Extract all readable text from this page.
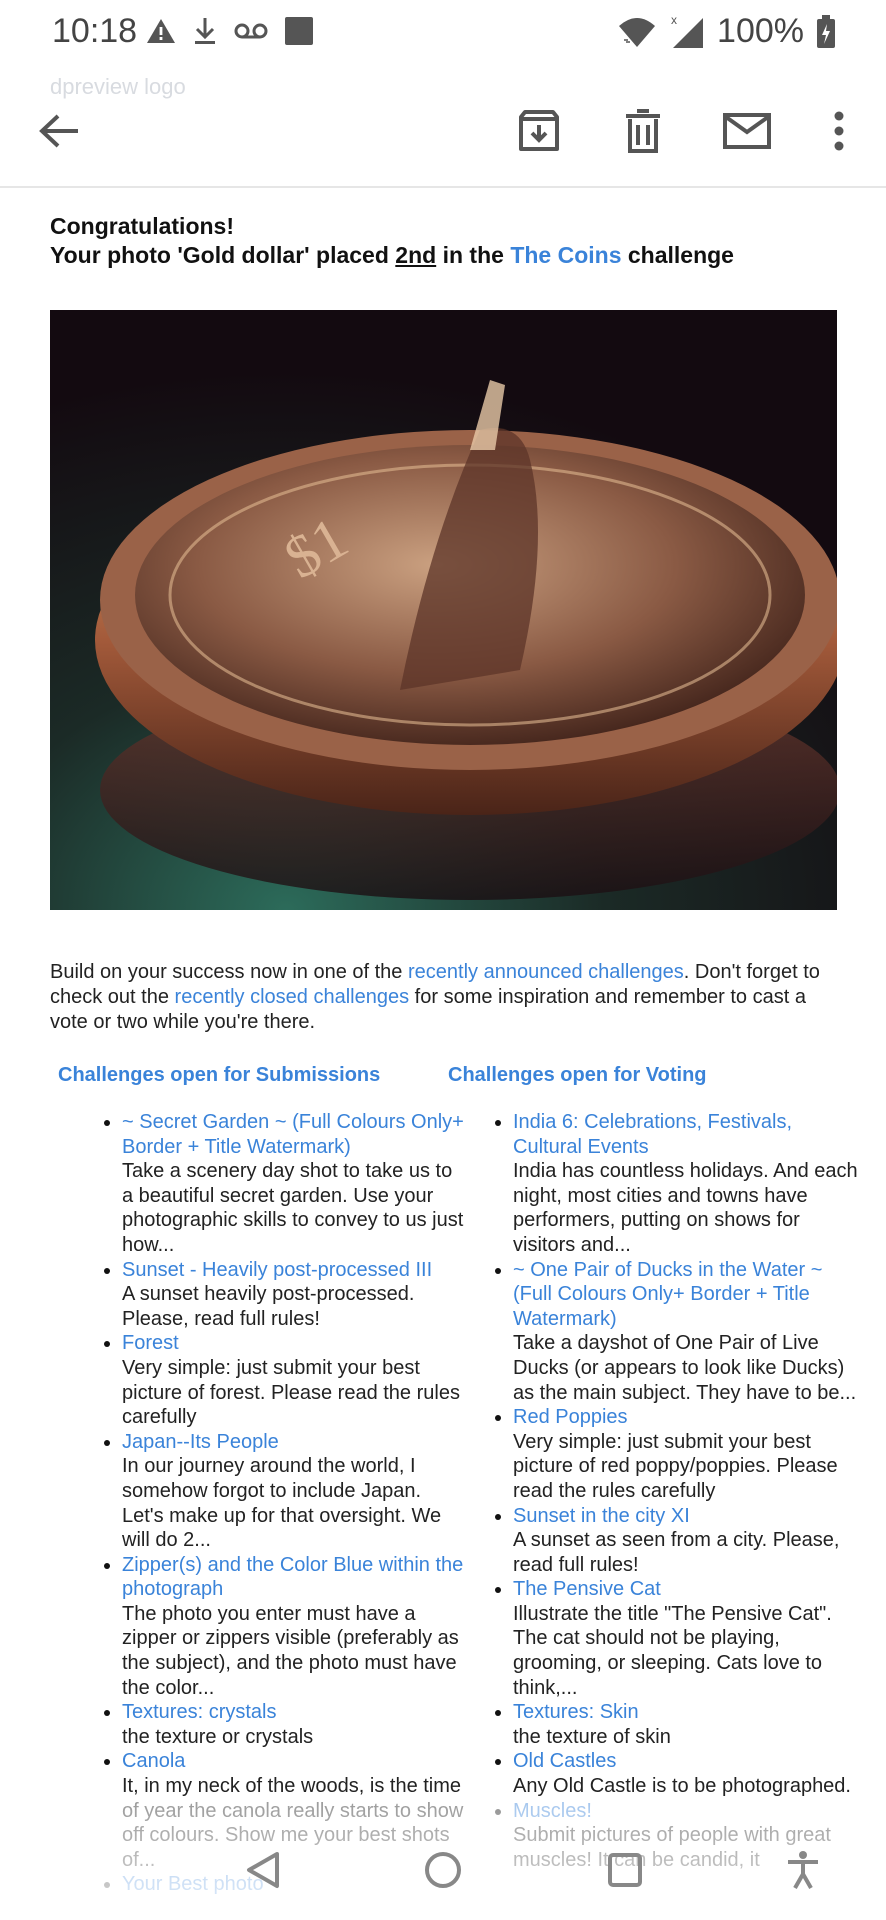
10:18	x 100%
dpreview logo
Congratulations!
Your photo 'Gold dollar' placed 2nd in the The Coins challenge
$1
Build on your success now in one of the recently announced challenges. Don't forget to check out the recently closed challenges for some inspiration and remember to cast a vote or two while you're there.
Challenges open for Submissions	Challenges open for Voting
• ~ Secret Garden ~ (Full Colours Only+ Border + Title Watermark)
Take a scenery day shot to take us to a beautiful secret garden. Use your photographic skills to convey to us just how...
• Sunset - Heavily post-processed III
A sunset heavily post-processed. Please, read full rules!
• Forest
Very simple: just submit your best picture of forest. Please read the rules carefully
• Japan--Its People
In our journey around the world, I somehow forgot to include Japan. Let's make up for that oversight. We will do 2...
• Zipper(s) and the Color Blue within the photograph
The photo you enter must have a zipper or zippers visible (preferably as the subject), and the photo must have the color...
• Textures: crystals
the texture or crystals
• Canola
It, in my neck of the woods, is the time
•
• India 6: Celebrations, Festivals, Cultural Events
India has countless holidays. And each night, most cities and towns have performers, putting on shows for visitors and...
• ~ One Pair of Ducks in the Water ~ (Full Colours Only+ Border + Title Watermark)
Take a dayshot of One Pair of Live Ducks (or appears to look like Ducks) as the main subject. They have to be...
• Red Poppies
Very simple: just submit your best picture of red poppy/poppies. Please read the rules carefully
• Sunset in the city XI
A sunset as seen from a city. Please, read full rules!
• The Pensive Cat
Illustrate the title "The Pensive Cat". The cat should not be playing, grooming, or sleeping. Cats love to think,...
• Textures: Skin
the texture of skin
• Old Castles
Any Old Castle is to be photographed.
•
